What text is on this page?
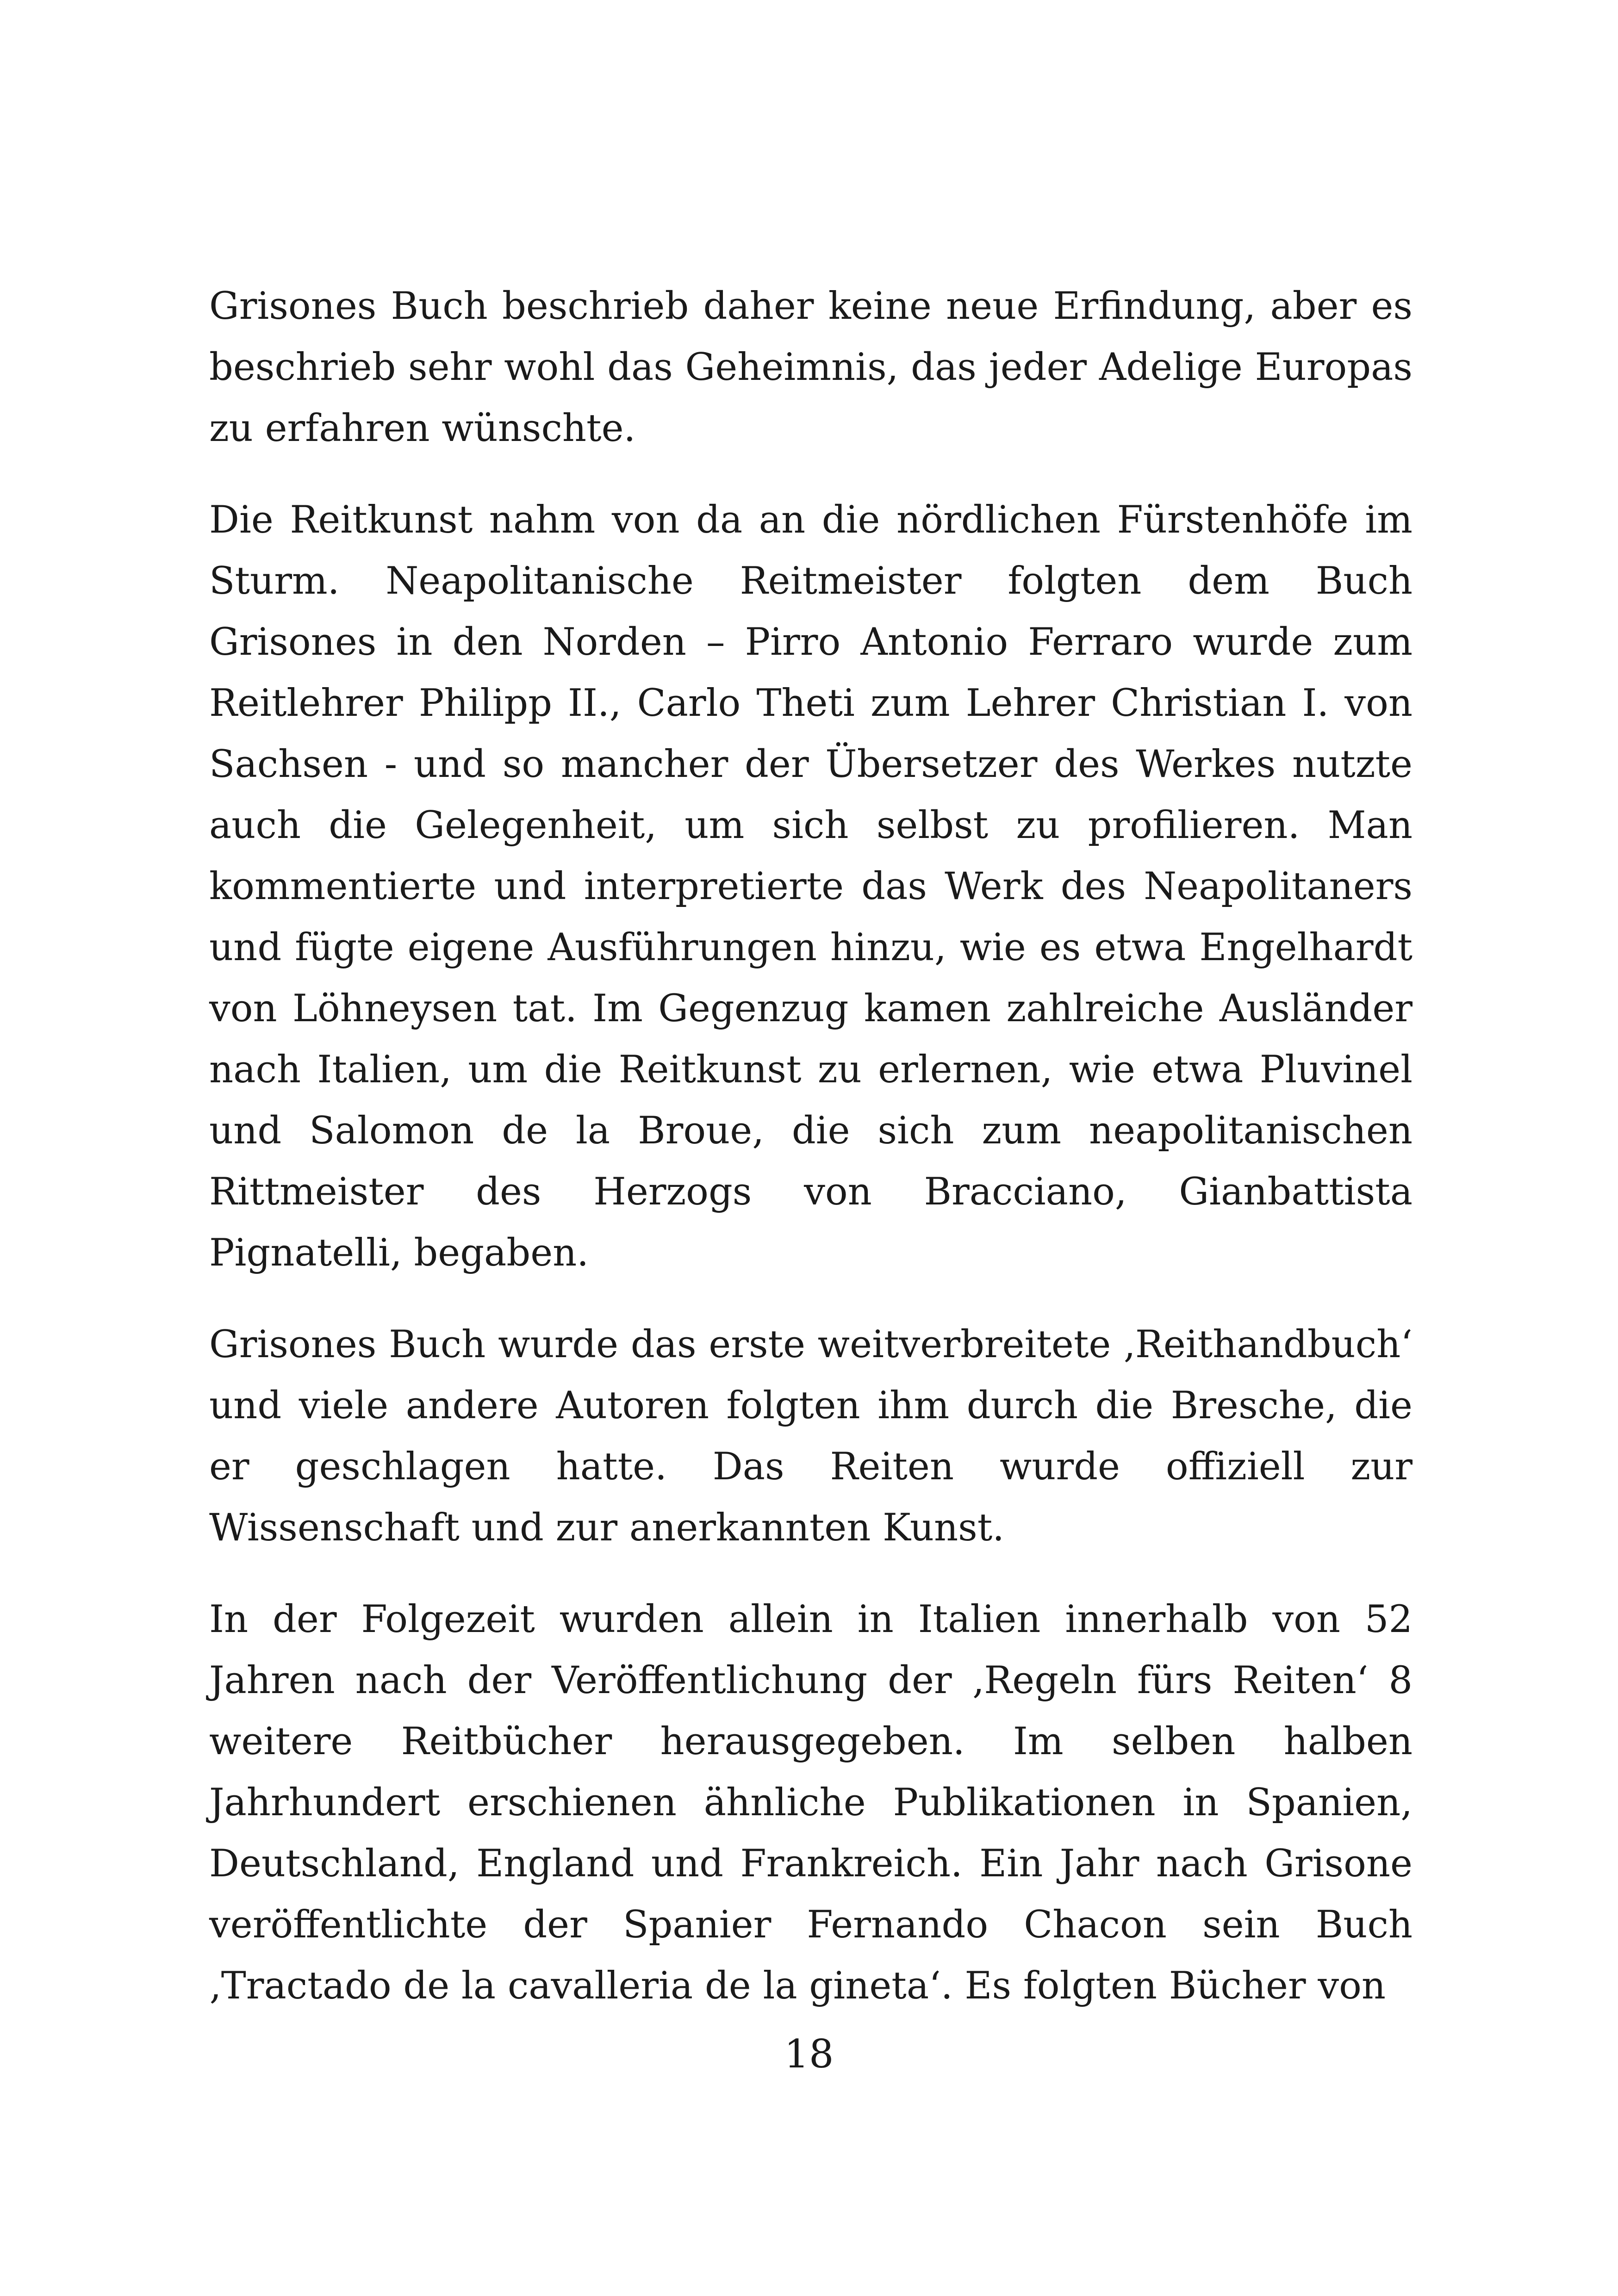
Grisones Buch beschrieb daher keine neue Erfindung, aber es beschrieb sehr wohl das Geheimnis, das jeder Adelige Europas zu erfahren wünschte.

Die Reitkunst nahm von da an die nördlichen Fürstenhöfe im Sturm. Neapolitanische Reitmeister folgten dem Buch Grisones in den Norden – Pirro Antonio Ferraro wurde zum Reitlehrer Philipp II., Carlo Theti zum Lehrer Christian I. von Sachsen - und so mancher der Übersetzer des Werkes nutzte auch die Gelegenheit, um sich selbst zu profilieren. Man kommentierte und interpretierte das Werk des Neapolitaners und fügte eigene Ausführungen hinzu, wie es etwa Engelhardt von Löhneysen tat. Im Gegenzug kamen zahlreiche Ausländer nach Italien, um die Reitkunst zu erlernen, wie etwa Pluvinel und Salomon de la Broue, die sich zum neapolitanischen Rittmeister des Herzogs von Bracciano, Gianbattista Pignatelli, begaben.

Grisones Buch wurde das erste weitverbreitete ‚Reithandbuch‘ und viele andere Autoren folgten ihm durch die Bresche, die er geschlagen hatte. Das Reiten wurde offiziell zur Wissenschaft und zur anerkannten Kunst.

In der Folgezeit wurden allein in Italien innerhalb von 52 Jahren nach der Veröffentlichung der ‚Regeln fürs Reiten‘ 8 weitere Reitbücher herausgegeben. Im selben halben Jahrhundert erschienen ähnliche Publikationen in Spanien, Deutschland, England und Frankreich. Ein Jahr nach Grisone veröffentlichte der Spanier Fernando Chacon sein Buch ‚Tractado de la cavalleria de la gineta‘. Es folgten Bücher von

18
